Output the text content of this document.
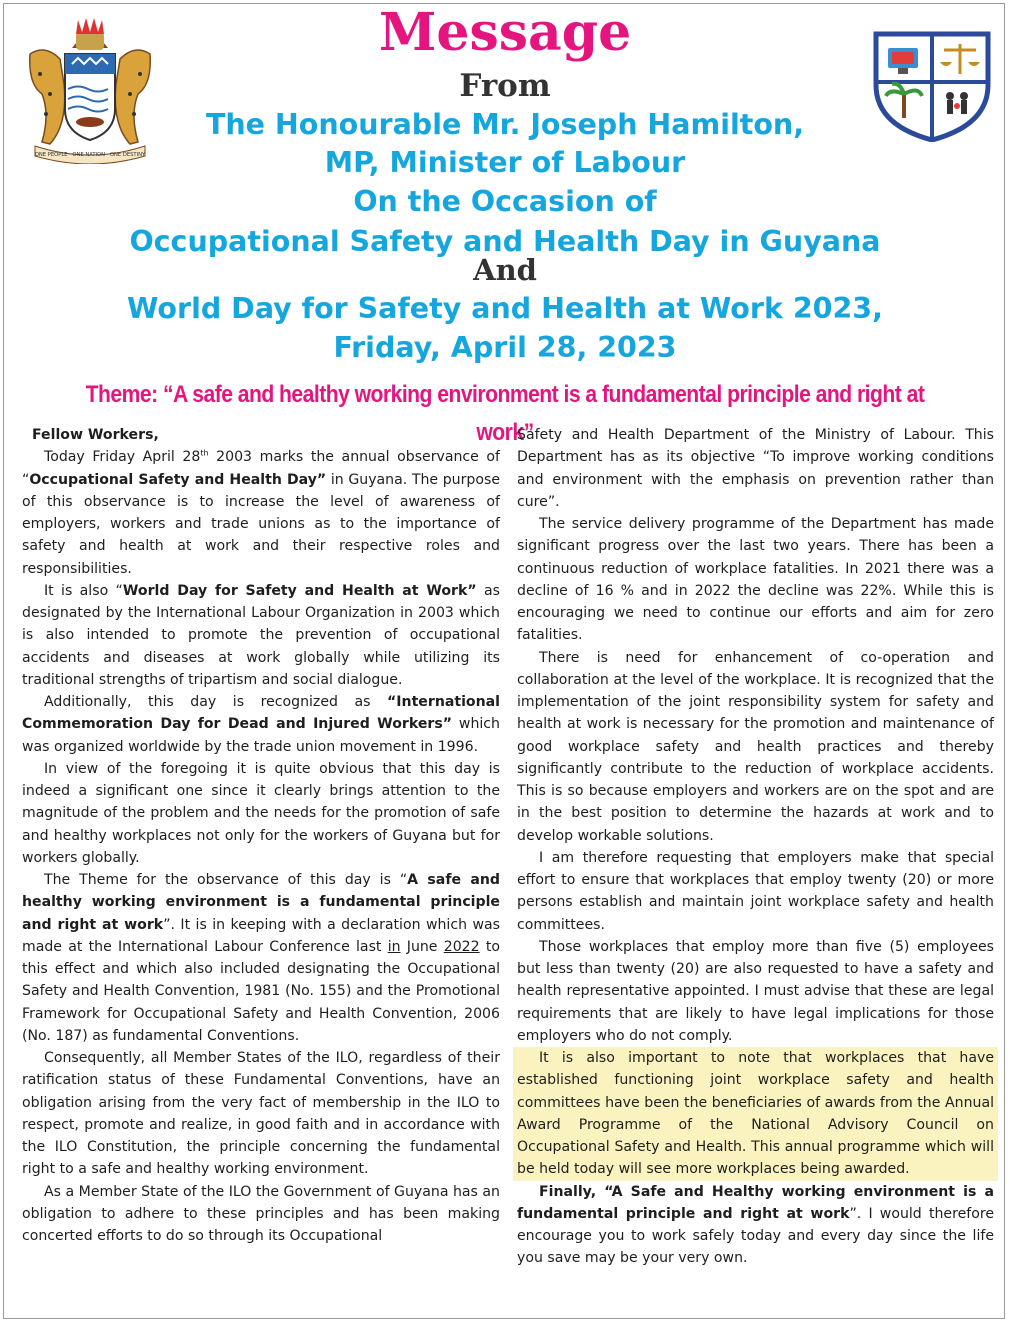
ONE PEOPLE · ONE NATION · ONE DESTINY
Message
From
The Honourable Mr. Joseph Hamilton,
MP, Minister of Labour
On the Occasion of
Occupational Safety and Health Day in Guyana
And
World Day for Safety and Health at Work 2023,
Friday, April 28, 2023
Theme: “A safe and healthy working environment is a fundamental principle and right at work”

Fellow Workers,

Today Friday April 28th 2003 marks the annual observance of “Occupational Safety and Health Day” in Guyana. The purpose of this observance is to increase the level of awareness of employers, workers and trade unions as to the importance of safety and health at work and their respective roles and responsibilities.

It is also “World Day for Safety and Health at Work” as designated by the International Labour Organization in 2003 which is also intended to promote the prevention of occupational accidents and diseases at work globally while utilizing its traditional strengths of tripartism and social dialogue.

Additionally, this day is recognized as “International Commemoration Day for Dead and Injured Workers” which was organized worldwide by the trade union movement in 1996.

In view of the foregoing it is quite obvious that this day is indeed a significant one since it clearly brings attention to the magnitude of the problem and the needs for the promotion of safe and healthy workplaces not only for the workers of Guyana but for workers globally.

The Theme for the observance of this day is “A safe and healthy working environment is a fundamental principle and right at work”. It is in keeping with a declaration which was made at the International Labour Conference last in June 2022 to this effect and which also included designating the Occupational Safety and Health Convention, 1981 (No. 155) and the Promotional Framework for Occupational Safety and Health Convention, 2006 (No. 187) as fundamental Conventions.

Consequently, all Member States of the ILO, regardless of their ratification status of these Fundamental Conventions, have an obligation arising from the very fact of membership in the ILO to respect, promote and realize, in good faith and in accordance with the ILO Constitution, the principle concerning the fundamental right to a safe and healthy working environment.

As a Member State of the ILO the Government of Guyana has an obligation to adhere to these principles and has been making concerted efforts to do so through its Occupational

Safety and Health Department of the Ministry of Labour. This Department has as its objective “To improve working conditions and environment with the emphasis on prevention rather than cure”.

The service delivery programme of the Department has made significant progress over the last two years. There has been a continuous reduction of workplace fatalities. In 2021 there was a decline of 16 % and in 2022 the decline was 22%. While this is encouraging we need to continue our efforts and aim for zero fatalities.

There is need for enhancement of co-operation and collaboration at the level of the workplace. It is recognized that the implementation of the joint responsibility system for safety and health at work is necessary for the promotion and maintenance of good workplace safety and health practices and thereby significantly contribute to the reduction of workplace accidents. This is so because employers and workers are on the spot and are in the best position to determine the hazards at work and to develop workable solutions.

I am therefore requesting that employers make that special effort to ensure that workplaces that employ twenty (20) or more persons establish and maintain joint workplace safety and health committees.

Those workplaces that employ more than five (5) employees but less than twenty (20) are also requested to have a safety and health representative appointed. I must advise that these are legal requirements that are likely to have legal implications for those employers who do not comply.

It is also important to note that workplaces that have established functioning joint workplace safety and health committees have been the beneficiaries of awards from the Annual Award Programme of the National Advisory Council on Occupational Safety and Health. This annual programme which will be held today will see more workplaces being awarded.

Finally, “A Safe and Healthy working environment is a fundamental principle and right at work”. I would therefore encourage you to work safely today and every day since the life you save may be your very own.
